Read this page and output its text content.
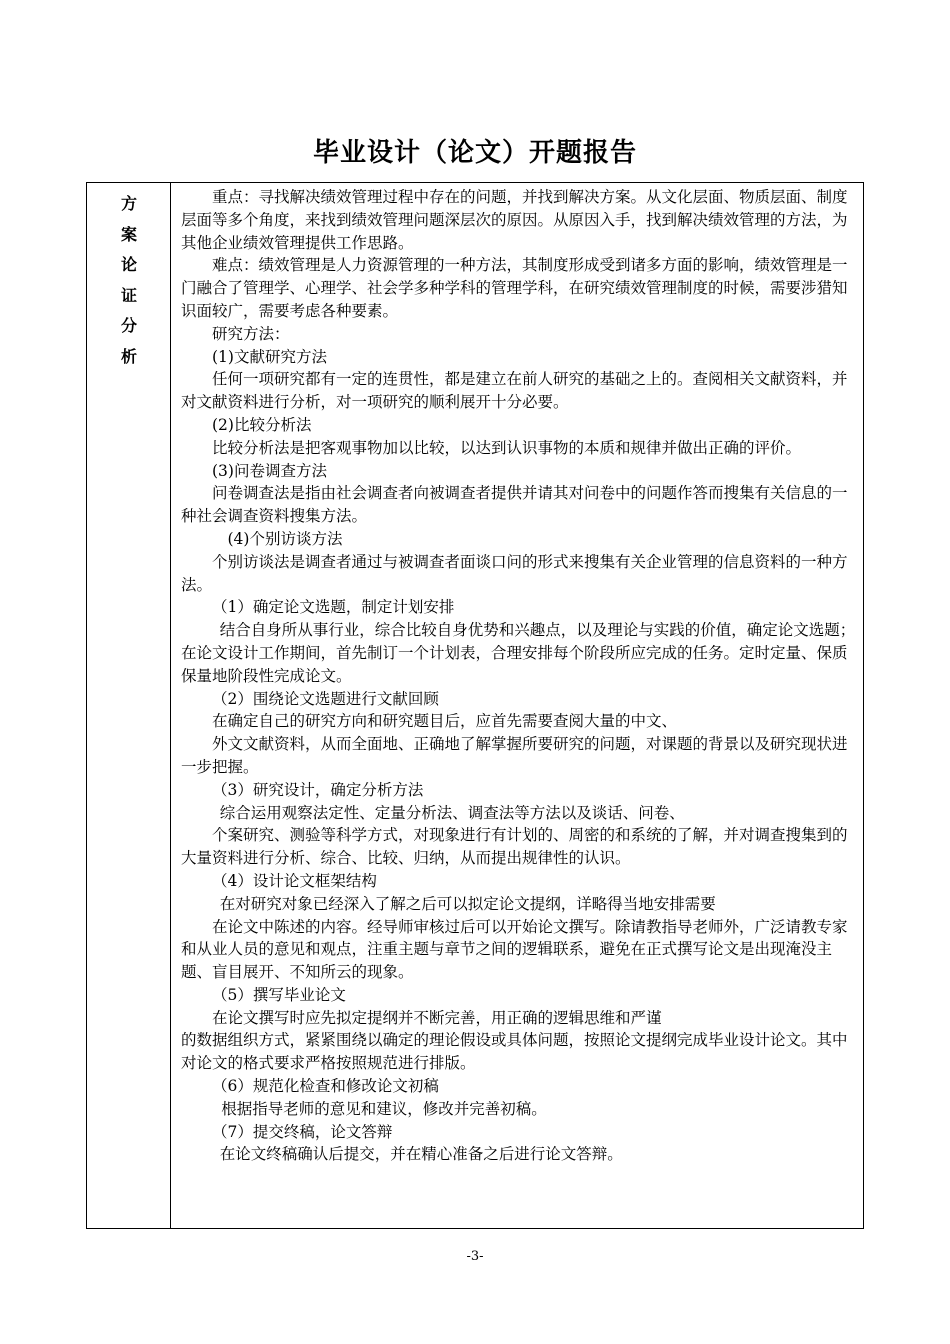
毕业设计（论文）开题报告
方
案
论
证
分
析

重点：寻找解决绩效管理过程中存在的问题，并找到解决方案。从文化层面、物质层面、制度层面等多个角度，来找到绩效管理问题深层次的原因。从原因入手，找到解决绩效管理的方法，为其他企业绩效管理提供工作思路。

难点：绩效管理是人力资源管理的一种方法，其制度形成受到诸多方面的影响，绩效管理是一门融合了管理学、心理学、社会学多种学科的管理学科，在研究绩效管理制度的时候，需要涉猎知识面较广，需要考虑各种要素。

研究方法：

(1)文献研究方法

任何一项研究都有一定的连贯性，都是建立在前人研究的基础之上的。查阅相关文献资料，并对文献资料进行分析，对一项研究的顺利展开十分必要。

(2)比较分析法

比较分析法是把客观事物加以比较，以达到认识事物的本质和规律并做出正确的评价。

(3)问卷调查方法

问卷调查法是指由社会调查者向被调查者提供并请其对问卷中的问题作答而搜集有关信息的一种社会调查资料搜集方法。

(4)个别访谈方法

个别访谈法是调查者通过与被调查者面谈口问的形式来搜集有关企业管理的信息资料的一种方法。

（1）确定论文选题，制定计划安排

结合自身所从事行业，综合比较自身优势和兴趣点，以及理论与实践的价值，确定论文选题；在论文设计工作期间，首先制订一个计划表，合理安排每个阶段所应完成的任务。定时定量、保质保量地阶段性完成论文。

（2）围绕论文选题进行文献回顾

在确定自己的研究方向和研究题目后，应首先需要查阅大量的中文、

外文文献资料，从而全面地、正确地了解掌握所要研究的问题，对课题的背景以及研究现状进一步把握。

（3）研究设计，确定分析方法

综合运用观察法定性、定量分析法、调查法等方法以及谈话、问卷、

个案研究、测验等科学方式，对现象进行有计划的、周密的和系统的了解，并对调查搜集到的大量资料进行分析、综合、比较、归纳，从而提出规律性的认识。

（4）设计论文框架结构

在对研究对象已经深入了解之后可以拟定论文提纲，详略得当地安排需要

在论文中陈述的内容。经导师审核过后可以开始论文撰写。除请教指导老师外，广泛请教专家和从业人员的意见和观点，注重主题与章节之间的逻辑联系，避免在正式撰写论文是出现淹没主题、盲目展开、不知所云的现象。

（5）撰写毕业论文

在论文撰写时应先拟定提纲并不断完善，用正确的逻辑思维和严谨

的数据组织方式，紧紧围绕以确定的理论假设或具体问题，按照论文提纲完成毕业设计论文。其中对论文的格式要求严格按照规范进行排版。

（6）规范化检查和修改论文初稿

根据指导老师的意见和建议，修改并完善初稿。

（7）提交终稿，论文答辩

在论文终稿确认后提交，并在精心准备之后进行论文答辩。

-3-
